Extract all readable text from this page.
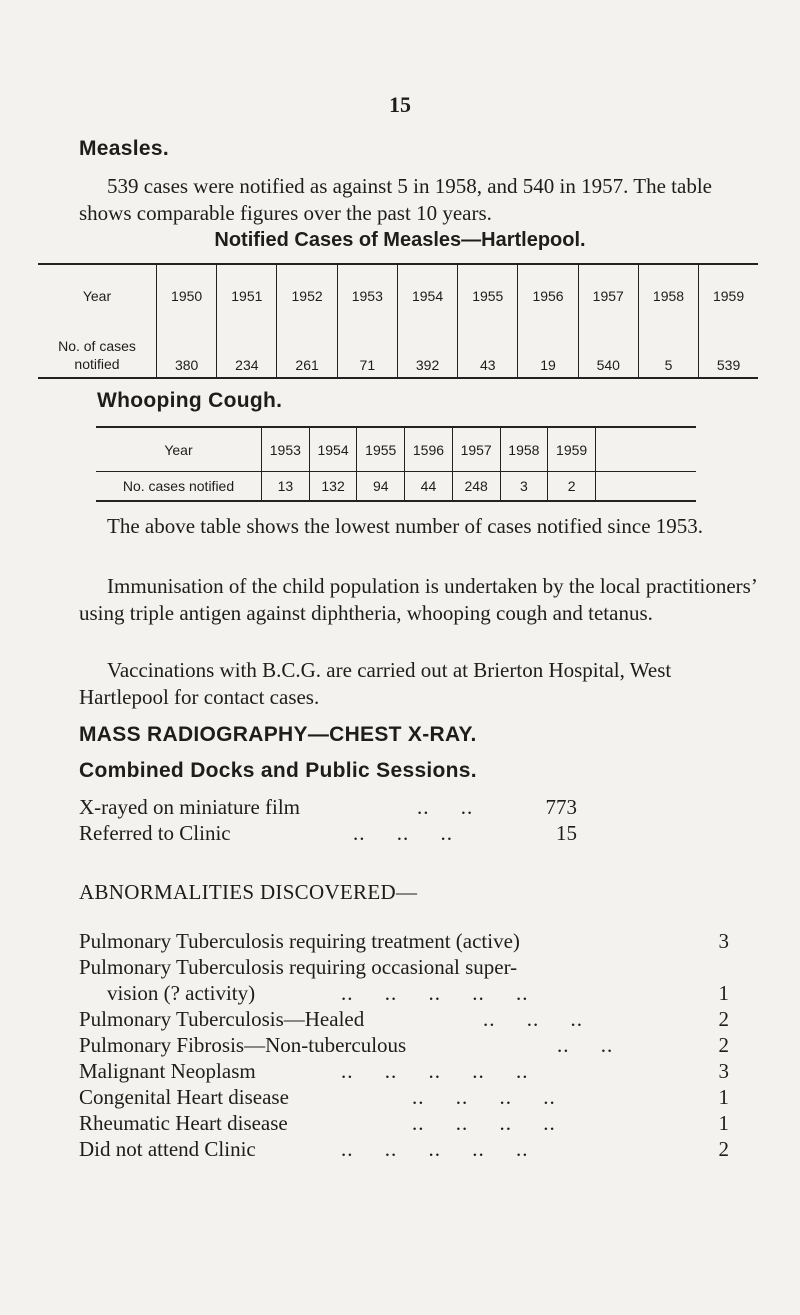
15
Measles.
539 cases were notified as against 5 in 1958, and 540 in 1957. The table shows comparable figures over the past 10 years.
Notified Cases of Measles—Hartlepool.
Year	1950	1951	1952	1953	1954	1955	1956	1957	1958	1959
No. of cases notified	380	234	261	71	392	43	19	540	5	539
Whooping Cough.
Year	1953	1954	1955	1596	1957	1958	1959	
No. cases notified	13	132	94	44	248	3	2	
The above table shows the lowest number of cases notified since 1953.
Immunisation of the child population is undertaken by the local practitioners’ using triple antigen against diphtheria, whooping cough and tetanus.
Vaccinations with B.C.G. are carried out at Brierton Hospital, West Hartlepool for contact cases.
MASS RADIOGRAPHY—CHEST X-RAY.
Combined Docks and Public Sessions.
X-rayed on miniature film	..     ..	773
Referred to Clinic	..     ..     ..	15
ABNORMALITIES DISCOVERED—
Pulmonary Tuberculosis requiring treatment (active)	3
Pulmonary Tuberculosis requiring occasional super-
vision (? activity)	..     ..     ..     ..     ..	1
Pulmonary Tuberculosis—Healed	..     ..     ..	2
Pulmonary Fibrosis—Non-tuberculous	..     ..	2
Malignant Neoplasm	..     ..     ..     ..     ..	3
Congenital Heart disease	..     ..     ..     ..	1
Rheumatic Heart disease	..     ..     ..     ..	1
Did not attend Clinic	..     ..     ..     ..     ..	2
